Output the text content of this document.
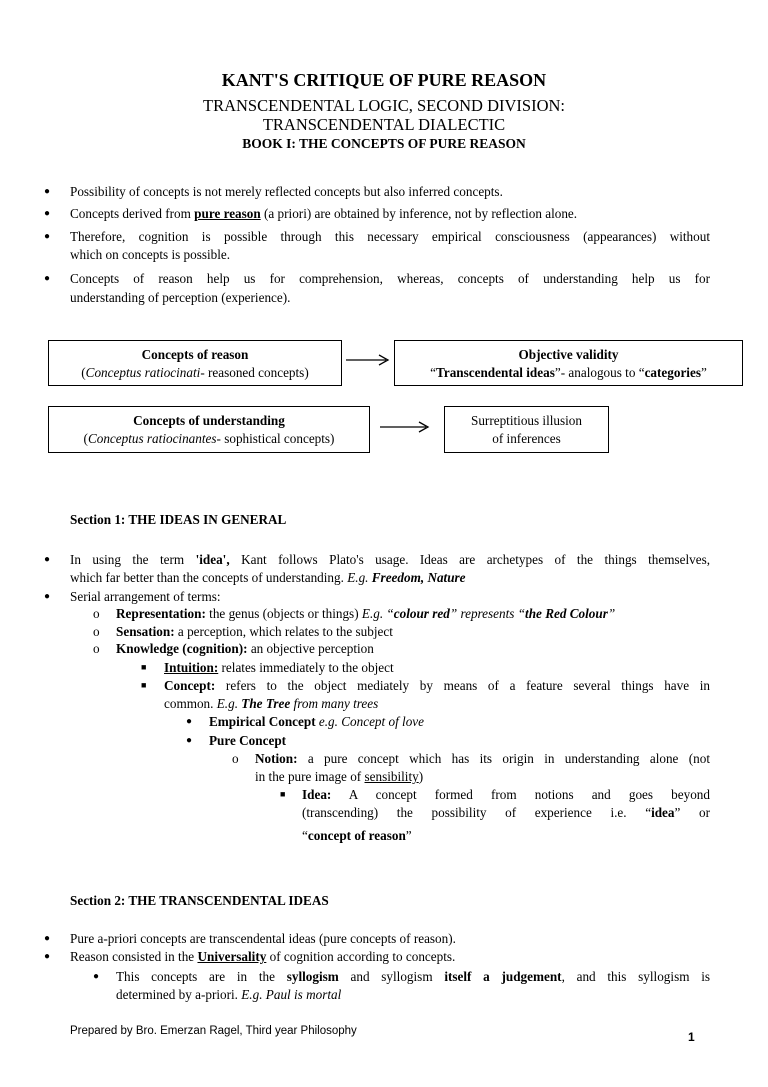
KANT'S CRITIQUE OF PURE REASON
TRANSCENDENTAL LOGIC, SECOND DIVISION:
TRANSCENDENTAL DIALECTIC
BOOK I: THE CONCEPTS OF PURE REASON
● Possibility of concepts is not merely reflected concepts but also inferred concepts.
● Concepts derived from pure reason (a priori) are obtained by inference, not by reflection alone.
● Therefore, cognition is possible through this necessary empirical consciousness (appearances) without
which on concepts is possible.
● Concepts of reason help us for comprehension, whereas, concepts of understanding help us for
understanding of perception (experience).
Concepts of reason
(Conceptus ratiocinati- reasoned concepts)
Objective validity
“Transcendental ideas”- analogous to “categories”
Concepts of understanding
(Conceptus ratiocinantes- sophistical concepts)
Surreptitious illusion
of inferences
Section 1: THE IDEAS IN GENERAL
● In using the term 'idea', Kant follows Plato's usage. Ideas are archetypes of the things themselves,
which far better than the concepts of understanding. E.g. Freedom, Nature
● Serial arrangement of terms:
o Representation: the genus (objects or things) E.g. “colour red” represents “the Red Colour”
o Sensation: a perception, which relates to the subject
o Knowledge (cognition): an objective perception
■ Intuition: relates immediately to the object
■ Concept: refers to the object mediately by means of a feature several things have in
common. E.g. The Tree from many trees
● Empirical Concept e.g. Concept of love
● Pure Concept
o Notion: a pure concept which has its origin in understanding alone (not
in the pure image of sensibility)
■ Idea: A concept formed from notions and goes beyond
(transcending) the possibility of experience i.e. “idea” or
“concept of reason”
Section 2: THE TRANSCENDENTAL IDEAS
● Pure a-priori concepts are transcendental ideas (pure concepts of reason).
● Reason consisted in the Universality of cognition according to concepts.
● This concepts are in the syllogism and syllogism itself a judgement, and this syllogism is
determined by a-priori. E.g. Paul is mortal
Prepared by Bro. Emerzan Ragel, Third year Philosophy	1
